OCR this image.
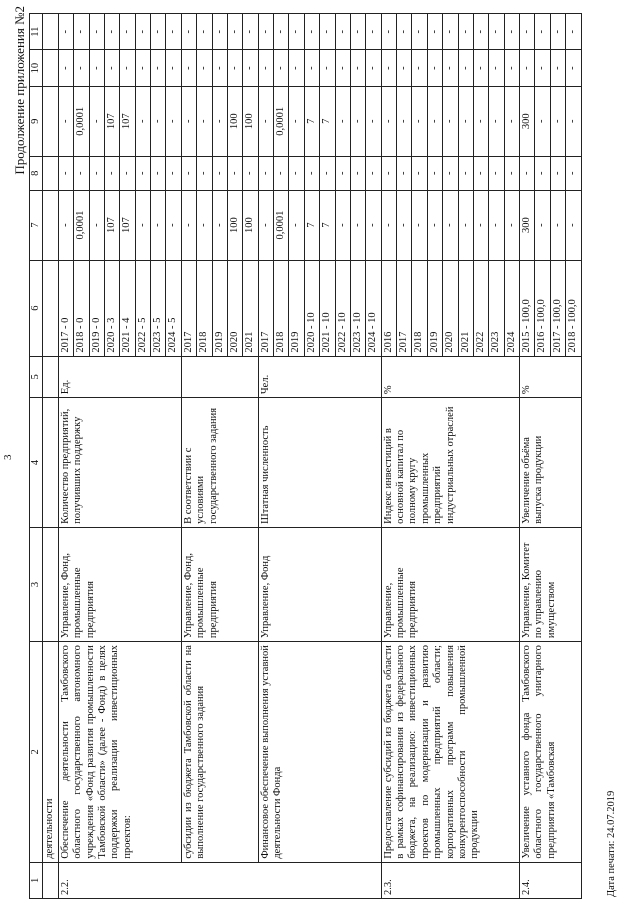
3
Продолжение приложения №2
1	2	3	4	5	6	7	8	9	10	11
	деятельности									
2.2.	Обеспечение деятельности Тамбовского областного государственного автономного учреждения «Фонд развития промышленности Тамбовской области» (далее - Фонд) в целях поддержки реализации инвестиционных проектов:	Управление, Фонд, промышленные предприятия	Количество предприятий, получивших поддержку	Ед.	2017 - 0	-	-	-	-	-
					2018 - 0	0,0001	-	0,0001	-	-
					2019 - 0	-	-	-	-	-
					2020 - 3	107	-	107	-	-
					2021 - 4	107	-	107	-	-
					2022 - 5	-	-	-	-	-
					2023 - 5	-	-	-	-	-
					2024 - 5	-	-	-	-	-
	субсидии из бюджета Тамбовской области на выполнение государственного задания	Управление, Фонд, промышленные предприятия	В соответствии с условиями государственного задания		2017	-	-	-	-	-
					2018	-	-	-	-	-
					2019	-	-	-	-	-
					2020	100	-	100	-	-
					2021	100	-	100	-	-
	Финансовое обеспечение выполнения уставной деятельности Фонда	Управление, Фонд	Штатная численность	Чел.	2017	-	-	-	-	-
					2018	0,0001	-	0,0001	-	-
					2019	-	-	-	-	-
					2020 - 10	7	-	7	-	-
					2021 - 10	7	-	7	-	-
					2022 - 10	-	-	-	-	-
					2023 - 10	-	-	-	-	-
					2024 - 10	-	-	-	-	-
2.3.	Предоставление субсидий из бюджета области в рамках софинансирования из федерального бюджета, на реализацию: инвестиционных проектов по модернизации и развитию промышленных предприятий области; корпоративных программ повышения конкурентоспособности промышленной продукции	Управление, промышленные предприятия	Индекс инвестиций в основной капитал по полному кругу промышленных предприятий индустриальных отраслей	%	2016	-	-	-	-	-
					2017	-	-	-	-	-
					2018	-	-	-	-	-
					2019	-	-	-	-	-
					2020	-	-	-	-	-
					2021	-	-	-	-	-
					2022	-	-	-	-	-
					2023	-	-	-	-	-
					2024	-	-	-	-	-
2.4.	Увеличение уставного фонда Тамбовского областного государственного унитарного предприятия «Тамбовская	Управление, Комитет по управлению имуществом	Увеличение объёма выпуска продукции	%	2015 - 100,0	300	-	300	-	-
					2016 - 100,0	-	-	-	-	-
					2017 - 100,0	-	-	-	-	-
					2018 - 100,0	-	-	-	-	-
Дата печати: 24.07.2019
